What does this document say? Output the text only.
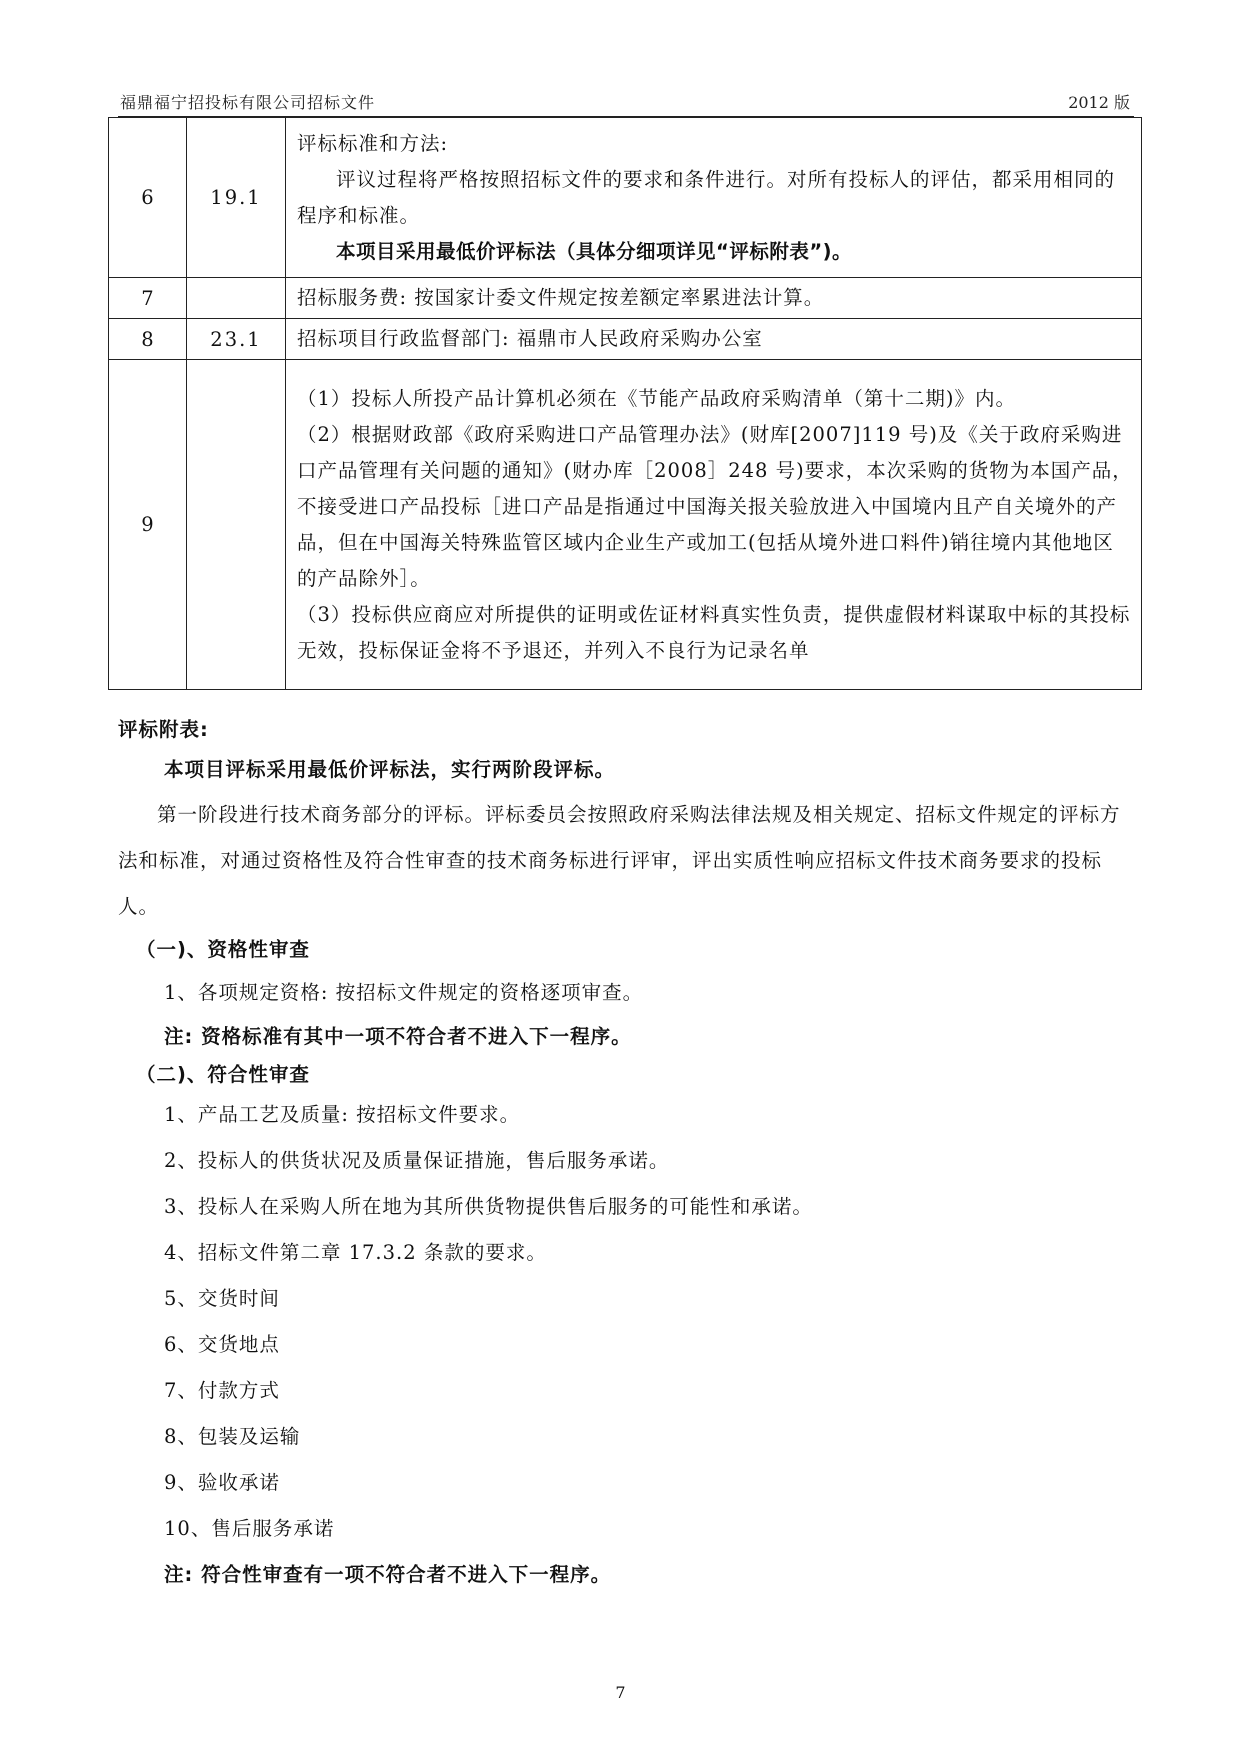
福鼎福宁招投标有限公司招标文件	2012 版
6	19.1	评标标准和方法:

评议过程将严格按照招标文件的要求和条件进行。对所有投标人的评估，都采用相同的程序和标准。

本项目采用最低价评标法（具体分细项详见“评标附表”)。

7		招标服务费: 按国家计委文件规定按差额定率累进法计算。

8	23.1	招标项目行政监督部门: 福鼎市人民政府采购办公室

9		（1）投标人所投产品计算机必须在《节能产品政府采购清单（第十二期)》内。

（2）根据财政部《政府采购进口产品管理办法》(财库[2007]119 号)及《关于政府采购进口产品管理有关问题的通知》(财办库［2008］248 号)要求，本次采购的货物为本国产品，不接受进口产品投标［进口产品是指通过中国海关报关验放进入中国境内且产自关境外的产品，但在中国海关特殊监管区域内企业生产或加工(包括从境外进口料件)销往境内其他地区的产品除外］。

（3）投标供应商应对所提供的证明或佐证材料真实性负责，提供虚假材料谋取中标的其投标无效，投标保证金将不予退还，并列入不良行为记录名单

评标附表:
本项目评标采用最低价评标法，实行两阶段评标。
第一阶段进行技术商务部分的评标。评标委员会按照政府采购法律法规及相关规定、招标文件规定的评标方法和标准，对通过资格性及符合性审查的技术商务标进行评审，评出实质性响应招标文件技术商务要求的投标人。
（一)、资格性审查
1、各项规定资格: 按招标文件规定的资格逐项审查。
注: 资格标准有其中一项不符合者不进入下一程序。
（二)、符合性审查
1、产品工艺及质量: 按招标文件要求。
2、投标人的供货状况及质量保证措施，售后服务承诺。
3、投标人在采购人所在地为其所供货物提供售后服务的可能性和承诺。
4、招标文件第二章 17.3.2 条款的要求。
5、交货时间
6、交货地点
7、付款方式
8、包装及运输
9、验收承诺
10、售后服务承诺
注: 符合性审查有一项不符合者不进入下一程序。
7
